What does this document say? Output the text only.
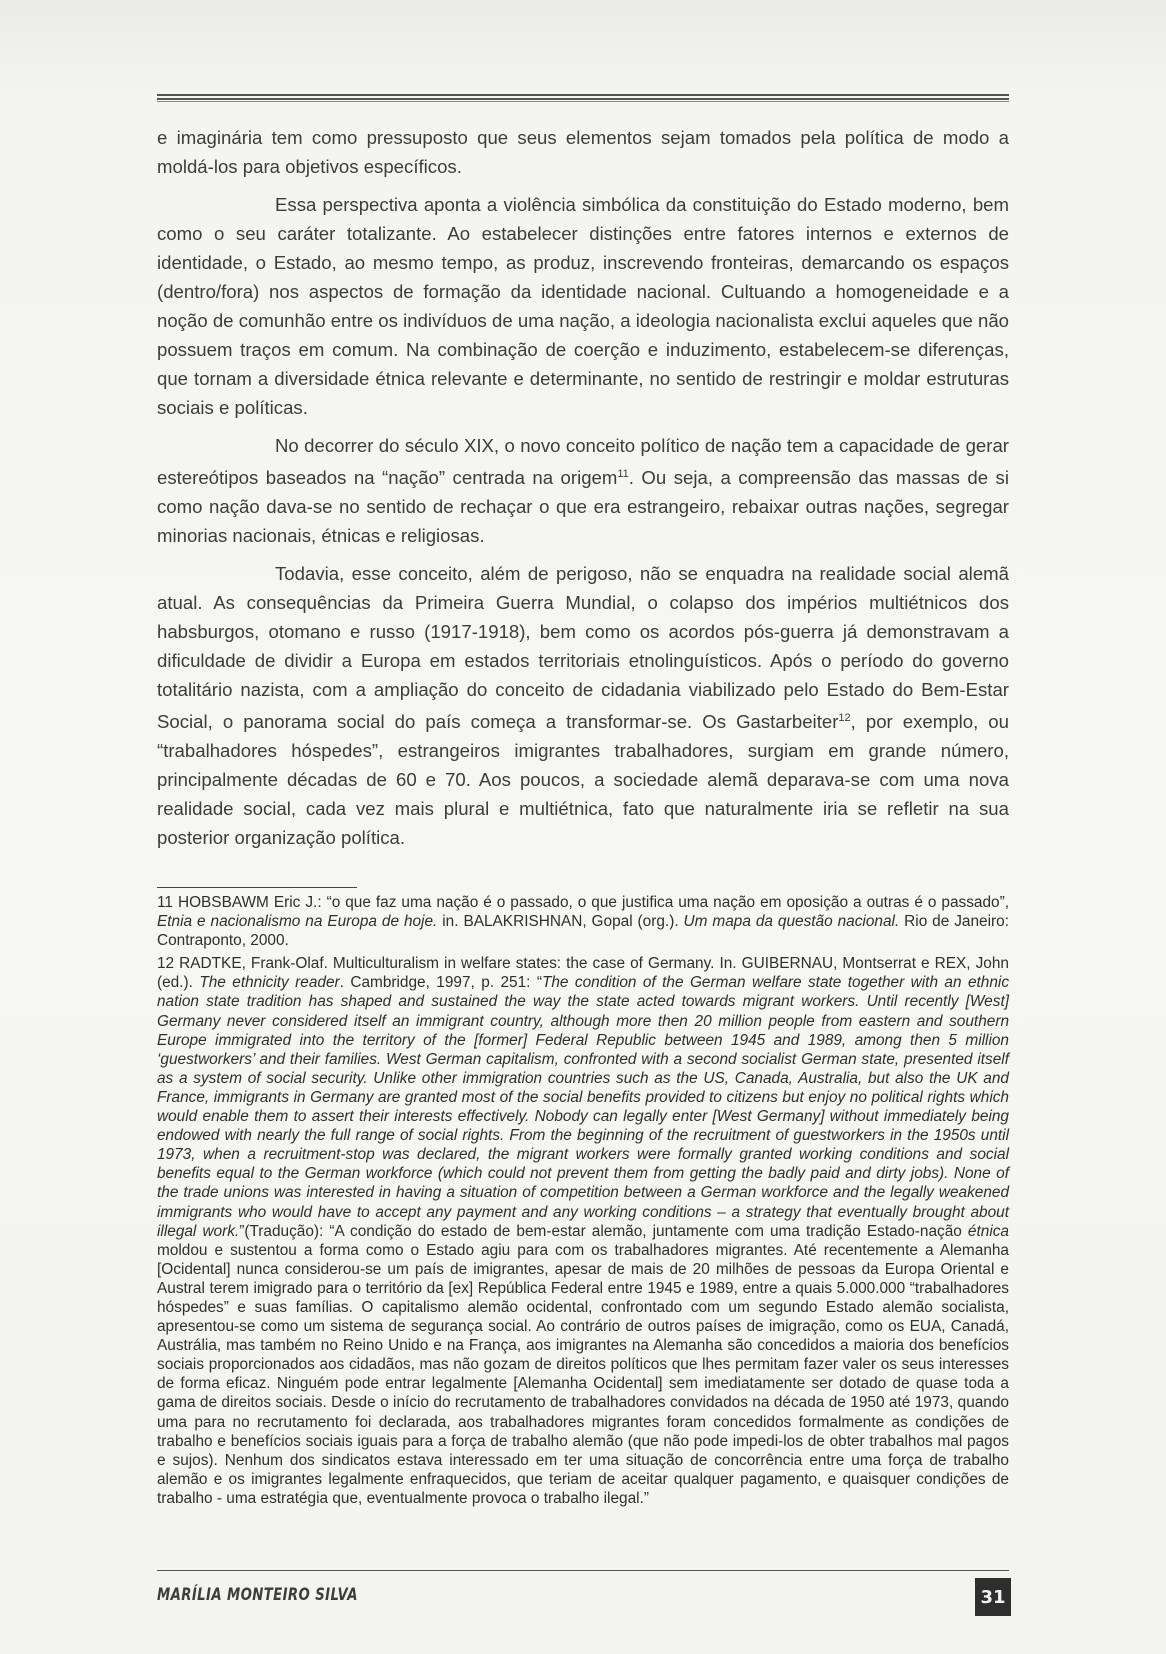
e imaginária tem como pressuposto que seus elementos sejam tomados pela política de modo a moldá-los para objetivos específicos.

Essa perspectiva aponta a violência simbólica da constituição do Estado moderno, bem como o seu caráter totalizante. Ao estabelecer distinções entre fatores internos e externos de identidade, o Estado, ao mesmo tempo, as produz, inscrevendo fronteiras, demarcando os espaços (dentro/fora) nos aspectos de formação da identidade nacional. Cultuando a homogeneidade e a noção de comunhão entre os indivíduos de uma nação, a ideologia nacionalista exclui aqueles que não possuem traços em comum. Na combinação de coerção e induzimento, estabelecem-se diferenças, que tornam a diversidade étnica relevante e determinante, no sentido de restringir e moldar estruturas sociais e políticas.

No decorrer do século XIX, o novo conceito político de nação tem a capacidade de gerar estereótipos baseados na “nação” centrada na origem$^{11}$. Ou seja, a compreensão das massas de si como nação dava-se no sentido de rechaçar o que era estrangeiro, rebaixar outras nações, segregar minorias nacionais, étnicas e religiosas.

Todavia, esse conceito, além de perigoso, não se enquadra na realidade social alemã atual. As consequências da Primeira Guerra Mundial, o colapso dos impérios multiétnicos dos habsburgos, otomano e russo (1917-1918), bem como os acordos pós-guerra já demonstravam a dificuldade de dividir a Europa em estados territoriais etnolinguísticos. Após o período do governo totalitário nazista, com a ampliação do conceito de cidadania viabilizado pelo Estado do Bem-Estar Social, o panorama social do país começa a transformar-se. Os Gastarbeiter$^{12}$, por exemplo, ou “trabalhadores hóspedes”, estrangeiros imigrantes trabalhadores, surgiam em grande número, principalmente décadas de 60 e 70. Aos poucos, a sociedade alemã deparava-se com uma nova realidade social, cada vez mais plural e multiétnica, fato que naturalmente iria se refletir na sua posterior organização política.

11 HOBSBAWM Eric J.: “o que faz uma nação é o passado, o que justifica uma nação em oposição a outras é o passado”, Etnia e nacionalismo na Europa de hoje. in. BALAKRISHNAN, Gopal (org.). Um mapa da questão nacional. Rio de Janeiro: Contraponto, 2000.

12 RADTKE, Frank-Olaf. Multiculturalism in welfare states: the case of Germany. In. GUIBERNAU, Montserrat e REX, John (ed.). The ethnicity reader. Cambridge, 1997, p. 251: “The condition of the German welfare state together with an ethnic nation state tradition has shaped and sustained the way the state acted towards migrant workers. Until recently [West] Germany never considered itself an immigrant country, although more then 20 million people from eastern and southern Europe immigrated into the territory of the [former] Federal Republic between 1945 and 1989, among then 5 million ‘guestworkers’ and their families. West German capitalism, confronted with a second socialist German state, presented itself as a system of social security. Unlike other immigration countries such as the US, Canada, Australia, but also the UK and France, immigrants in Germany are granted most of the social benefits provided to citizens but enjoy no political rights which would enable them to assert their interests effectively. Nobody can legally enter [West Germany] without immediately being endowed with nearly the full range of social rights. From the beginning of the recruitment of guestworkers in the 1950s until 1973, when a recruitment-stop was declared, the migrant workers were formally granted working conditions and social benefits equal to the German workforce (which could not prevent them from getting the badly paid and dirty jobs). None of the trade unions was interested in having a situation of competition between a German workforce and the legally weakened immigrants who would have to accept any payment and any working conditions – a strategy that eventually brought about illegal work.”(Tradução): “A condição do estado de bem-estar alemão, juntamente com uma tradição Estado-nação étnica moldou e sustentou a forma como o Estado agiu para com os trabalhadores migrantes. Até recentemente a Alemanha [Ocidental] nunca considerou-se um país de imigrantes, apesar de mais de 20 milhões de pessoas da Europa Oriental e Austral terem imigrado para o território da [ex] República Federal entre 1945 e 1989, entre a quais 5.000.000 “trabalhadores hóspedes” e suas famílias. O capitalismo alemão ocidental, confrontado com um segundo Estado alemão socialista, apresentou-se como um sistema de segurança social. Ao contrário de outros países de imigração, como os EUA, Canadá, Austrália, mas também no Reino Unido e na França, aos imigrantes na Alemanha são concedidos a maioria dos benefícios sociais proporcionados aos cidadãos, mas não gozam de direitos políticos que lhes permitam fazer valer os seus interesses de forma eficaz. Ninguém pode entrar legalmente [Alemanha Ocidental] sem imediatamente ser dotado de quase toda a gama de direitos sociais. Desde o início do recrutamento de trabalhadores convidados na década de 1950 até 1973, quando uma para no recrutamento foi declarada, aos trabalhadores migrantes foram concedidos formalmente as condições de trabalho e benefícios sociais iguais para a força de trabalho alemão (que não pode impedi-los de obter trabalhos mal pagos e sujos). Nenhum dos sindicatos estava interessado em ter uma situação de concorrência entre uma força de trabalho alemão e os imigrantes legalmente enfraquecidos, que teriam de aceitar qualquer pagamento, e quaisquer condições de trabalho - uma estratégia que, eventualmente provoca o trabalho ilegal.”

MARÍLIA MONTEIRO SILVA	31
